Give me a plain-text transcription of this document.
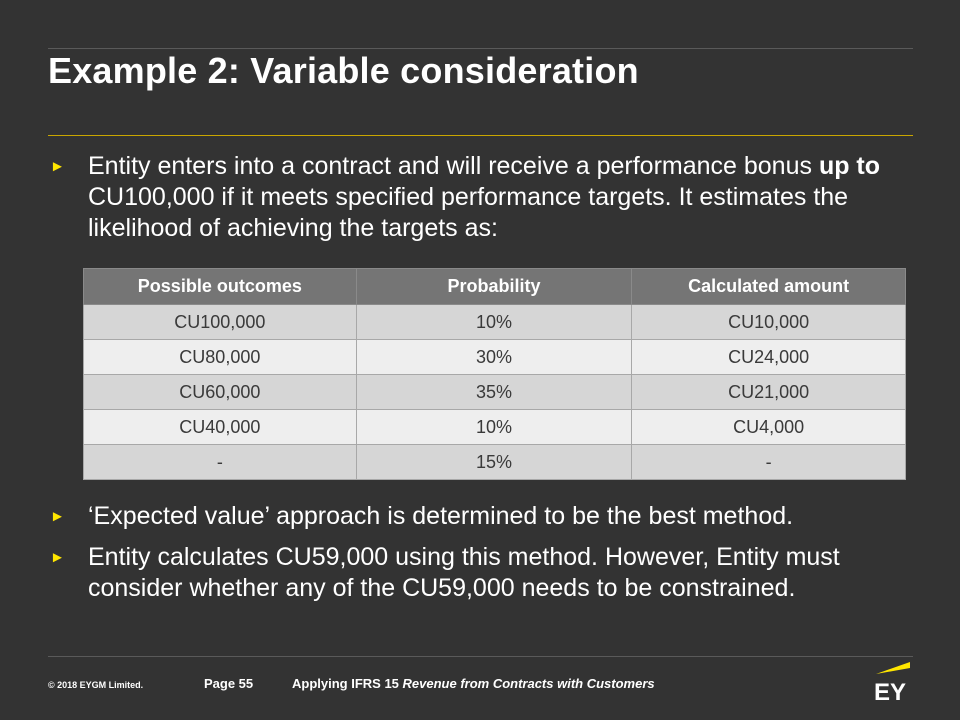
Example 2: Variable consideration
► Entity enters into a contract and will receive a performance bonus up to CU100,000 if it meets specified performance targets. It estimates the likelihood of achieving the targets as:
Possible outcomes	Probability	Calculated amount
CU100,000	10%	CU10,000
CU80,000	30%	CU24,000
CU60,000	35%	CU21,000
CU40,000	10%	CU4,000
-	15%	-
► ‘Expected value’ approach is determined to be the best method.
► Entity calculates CU59,000 using this method. However, Entity must consider whether any of the CU59,000 needs to be constrained.
© 2018 EYGM Limited.	Page 55	Applying IFRS 15 Revenue from Contracts with Customers	EY
